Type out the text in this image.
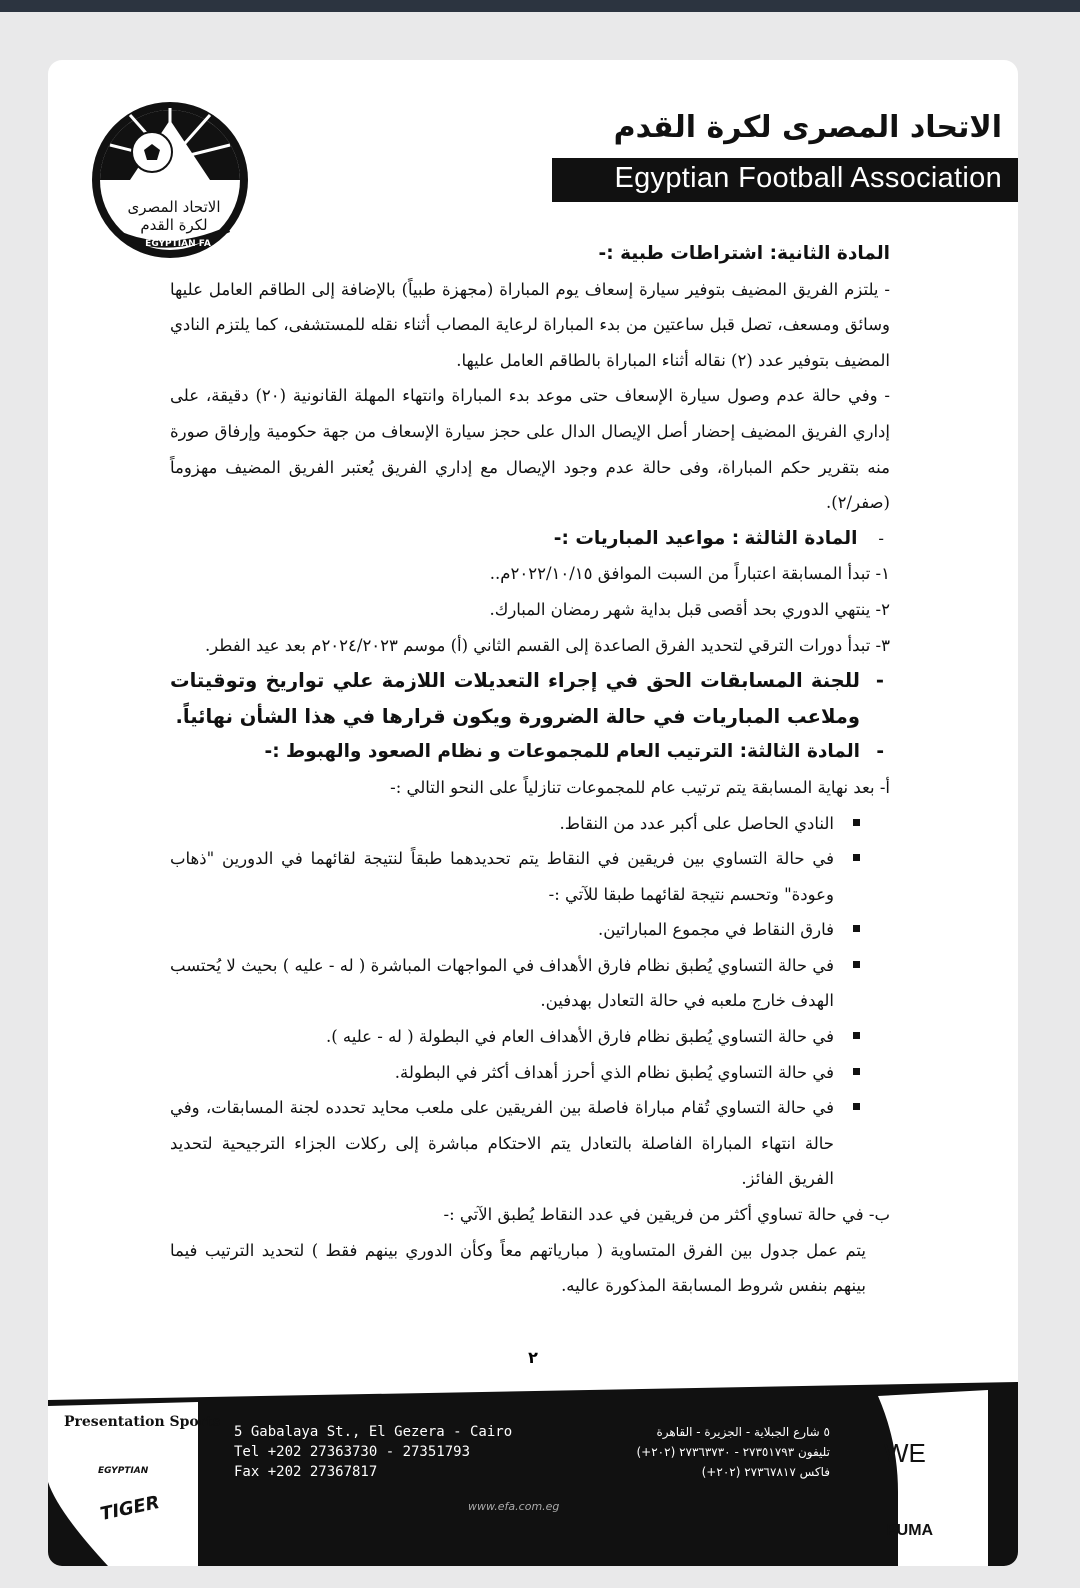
الاتحاد المصرى
لكرة القدم
EGYPTIAN FA
الاتحاد المصرى لكرة القدم
Egyptian Football Association
المادة الثانية: اشتراطات طبية :-
- يلتزم الفريق المضيف بتوفير سيارة إسعاف يوم المباراة (مجهزة طبياً) بالإضافة إلى الطاقم العامل عليها وسائق ومسعف، تصل قبل ساعتين من بدء المباراة لرعاية المصاب أثناء نقله للمستشفى، كما يلتزم النادي المضيف بتوفير عدد (٢) نقاله أثناء المباراة بالطاقم العامل عليها.
- وفي حالة عدم وصول سيارة الإسعاف حتى موعد بدء المباراة وانتهاء المهلة القانونية (٢٠) دقيقة، على إداري الفريق المضيف إحضار أصل الإيصال الدال على حجز سيارة الإسعاف من جهة حكومية وإرفاق صورة منه بتقرير حكم المباراة، وفى حالة عدم وجود الإيصال مع إداري الفريق يُعتبر الفريق المضيف مهزوماً (صفر/٢).
-    المادة الثالثة : مواعيد المباريات :-
١- تبدأ المسابقة اعتباراً من السبت الموافق ٢٠٢٢/١٠/١٥م..
٢- ينتهي الدوري بحد أقصى قبل بداية شهر رمضان المبارك.
٣- تبدأ دورات الترقي لتحديد الفرق الصاعدة إلى القسم الثاني (أ) موسم ٢٠٢٤/٢٠٢٣م بعد عيد الفطر.
-
للجنة المسابقات الحق في إجراء التعديلات اللازمة علي تواريخ وتوقيتات وملاعب المباريات في حالة الضرورة ويكون قرارها في هذا الشأن نهائياً.
-
المادة الثالثة: الترتيب العام للمجموعات و نظام الصعود والهبوط :-
أ- بعد نهاية المسابقة يتم ترتيب عام للمجموعات تنازلياً على النحو التالي :-
النادي الحاصل على أكبر عدد من النقاط.
في حالة التساوي بين فريقين في النقاط يتم تحديدهما طبقاً لنتيجة لقائهما في الدورين "ذهاب وعودة" وتحسم نتيجة لقائهما طبقا للآتي :-
فارق النقاط في مجموع المباراتين.
في حالة التساوي يُطبق نظام فارق الأهداف في المواجهات المباشرة ( له - عليه ) بحيث لا يُحتسب الهدف خارج ملعبه في حالة التعادل بهدفين.
في حالة التساوي يُطبق نظام فارق الأهداف العام في البطولة ( له - عليه ).
في حالة التساوي يُطبق نظام الذي أحرز أهداف أكثر في البطولة.
في حالة التساوي تُقام مباراة فاصلة بين الفريقين على ملعب محايد تحدده لجنة المسابقات، وفي حالة انتهاء المباراة الفاصلة بالتعادل يتم الاحتكام مباشرة إلى ركلات الجزاء الترجيحية لتحديد الفريق الفائز.
ب- في حالة تساوي أكثر من فريقين في عدد النقاط يُطبق الآتي :-
يتم عمل جدول بين الفرق المتساوية ( مبارياتهم معاً وكأن الدوري بينهم فقط ) لتحديد الترتيب فيما بينهم بنفس شروط المسابقة المذكورة عاليه.
٢
Presentation Sports
EGYPTIAN
TIGER
5 Gabalaya St., El Gezera - Cairo
Tel +202 27363730 - 27351793
Fax +202 27367817
٥ شارع الجبلاية - الجزيرة - القاهرة
تليفون ٢٧٣٥١٧٩٣ - ٢٧٣٦٣٧٣٠ (٢٠٢+)
فاكس ٢٧٣٦٧٨١٧ (٢٠٢+)
www.efa.com.eg
WE
PUMA
